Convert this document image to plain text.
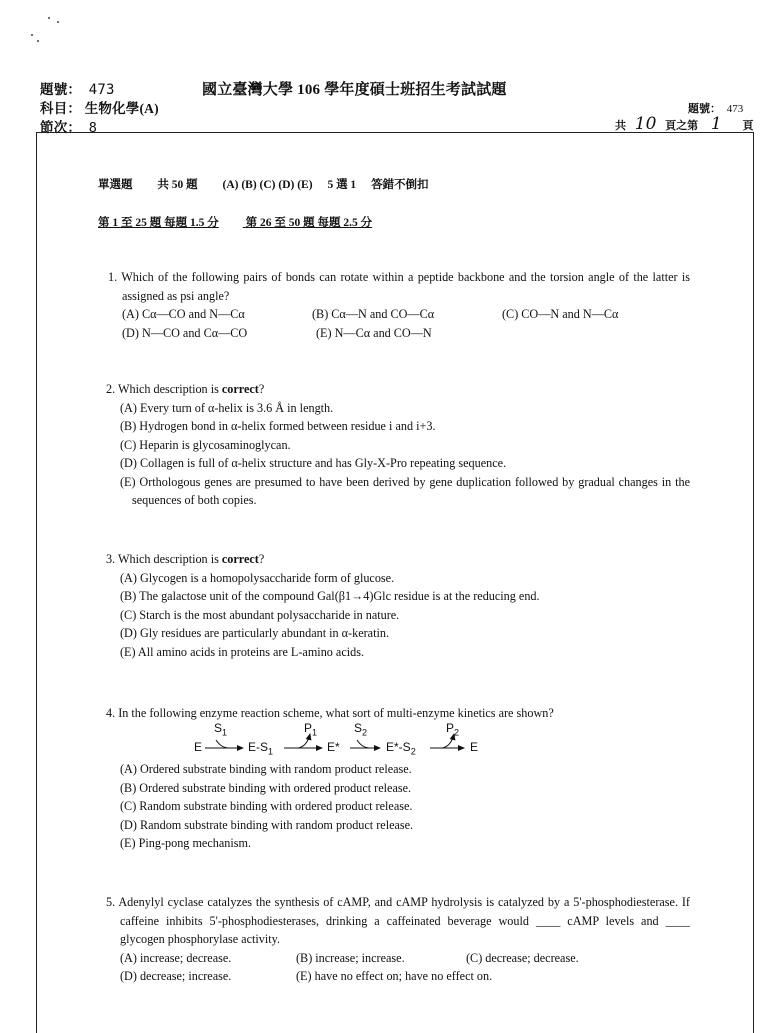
題號： 473	國立臺灣大學 106 學年度碩士班招生考試試題
科目： 生物化學(A)
節次： 8
題號： 473
共 10 頁之第 1 頁
單選題 共 50 題 (A) (B) (C) (D) (E) 5 選 1 答錯不倒扣
第 1 至 25 題 每題 1.5 分 第 26 至 50 題 每題 2.5 分

1. Which of the following pairs of bonds can rotate within a peptide backbone and the torsion angle of the latter is assigned as psi angle?

(A) Cα—CO and N—Cα	(B) Cα—N and CO—Cα	(C) CO—N and N—Cα
(D) N—CO and Cα—CO	(E) N—Cα and CO—N

2. Which description is correct?

(A) Every turn of α-helix is 3.6 Å in length.
(B) Hydrogen bond in α-helix formed between residue i and i+3.
(C) Heparin is glycosaminoglycan.
(D) Collagen is full of α-helix structure and has Gly-X-Pro repeating sequence.
(E) Orthologous genes are presumed to have been derived by gene duplication followed by gradual changes in the sequences of both copies.

3. Which description is correct?

(A) Glycogen is a homopolysaccharide form of glucose.
(B) The galactose unit of the compound Gal(β1→4)Glc residue is at the reducing end.
(C) Starch is the most abundant polysaccharide in nature.
(D) Gly residues are particularly abundant in α-keratin.
(E) All amino acids in proteins are L-amino acids.

4. In the following enzyme reaction scheme, what sort of multi-enzyme kinetics are shown?

E
$S_1$
$E-S_1$
$P_1$
E*
$S_2$
$E*-S_2$
$P_2$
E
(A) Ordered substrate binding with random product release.
(B) Ordered substrate binding with ordered product release.
(C) Random substrate binding with ordered product release.
(D) Random substrate binding with random product release.
(E) Ping-pong mechanism.

5. Adenylyl cyclase catalyzes the synthesis of cAMP, and cAMP hydrolysis is catalyzed by a 5'-phosphodiesterase. If caffeine inhibits 5'-phosphodiesterases, drinking a caffeinated beverage would ____ cAMP levels and ____ glycogen phosphorylase activity.

(A) increase; decrease.	(B) increase; increase.	(C) decrease; decrease.
(D) decrease; increase.	(E) have no effect on; have no effect on.
